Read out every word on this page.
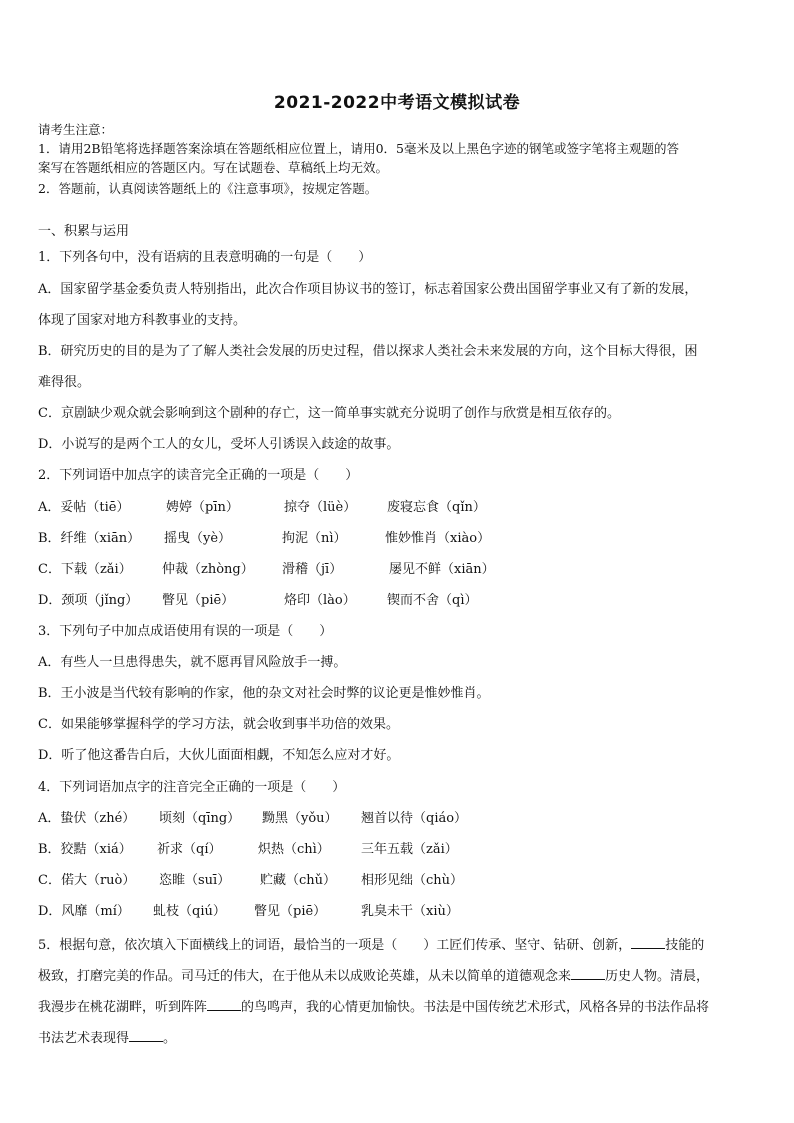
2021-2022中考语文模拟试卷
请考生注意：
1．请用2B铅笔将选择题答案涂填在答题纸相应位置上，请用0．5毫米及以上黑色字迹的钢笔或签字笔将主观题的答
案写在答题纸相应的答题区内。写在试题卷、草稿纸上均无效。
2．答题前，认真阅读答题纸上的《注意事项》，按规定答题。
一、积累与运用
1．下列各句中，没有语病的且表意明确的一句是（　　）
A．国家留学基金委负责人特别指出，此次合作项目协议书的签订，标志着国家公费出国留学事业又有了新的发展，
体现了国家对地方科教事业的支持。
B．研究历史的目的是为了了解人类社会发展的历史过程，借以探求人类社会未来发展的方向，这个目标大得很，困
难得很。
C．京剧缺少观众就会影响到这个剧种的存亡，这一简单事实就充分说明了创作与欣赏是相互依存的。
D．小说写的是两个工人的女儿，受坏人引诱误入歧途的故事。
2．下列词语中加点字的读音完全正确的一项是（　　）
A．妥帖（tiē）	娉婷（pīn）	掠夺（lüè） 废寝忘食（qǐn）
B．纤维（xiān） 摇曳（yè）	拘泥（nì）	惟妙惟肖（xiào）
C．下载（zǎi） 仲裁（zhòng） 滑稽（jī）	屡见不鲜（xiān）
D．颈项（jǐng） 瞥见（piē）	烙印（lào） 锲而不舍（qì）
3．下列句子中加点成语使用有误的一项是（　　）
A．有些人一旦患得患失，就不愿再冒风险放手一搏。
B．王小波是当代较有影响的作家，他的杂文对社会时弊的议论更是惟妙惟肖。
C．如果能够掌握科学的学习方法，就会收到事半功倍的效果。
D．听了他这番告白后，大伙儿面面相觑，不知怎么应对才好。
4．下列词语加点字的注音完全正确的一项是（　　）
A．蛰伏（zhé） 顷刻（qīng） 黝黑（yǒu） 翘首以待（qiáo）
B．狡黠（xiá） 祈求（qí）	炽热（chì） 三年五载（zǎi）
C．偌大（ruò） 恣睢（suī） 贮藏（chǔ） 相形见绌（chù）
D．风靡（mí） 虬枝（qiú） 瞥见（piē）	乳臭未干（xiù）
5．根据句意，依次填入下面横线上的词语，最恰当的一项是（　　）工匠们传承、坚守、钻研、创新，	技能的
极致，打磨完美的作品。司马迁的伟大，在于他从未以成败论英雄，从未以简单的道德观念来	历史人物。清晨，
我漫步在桃花湖畔，听到阵阵	的鸟鸣声，我的心情更加愉快。书法是中国传统艺术形式，风格各异的书法作品将
书法艺术表现得	。
